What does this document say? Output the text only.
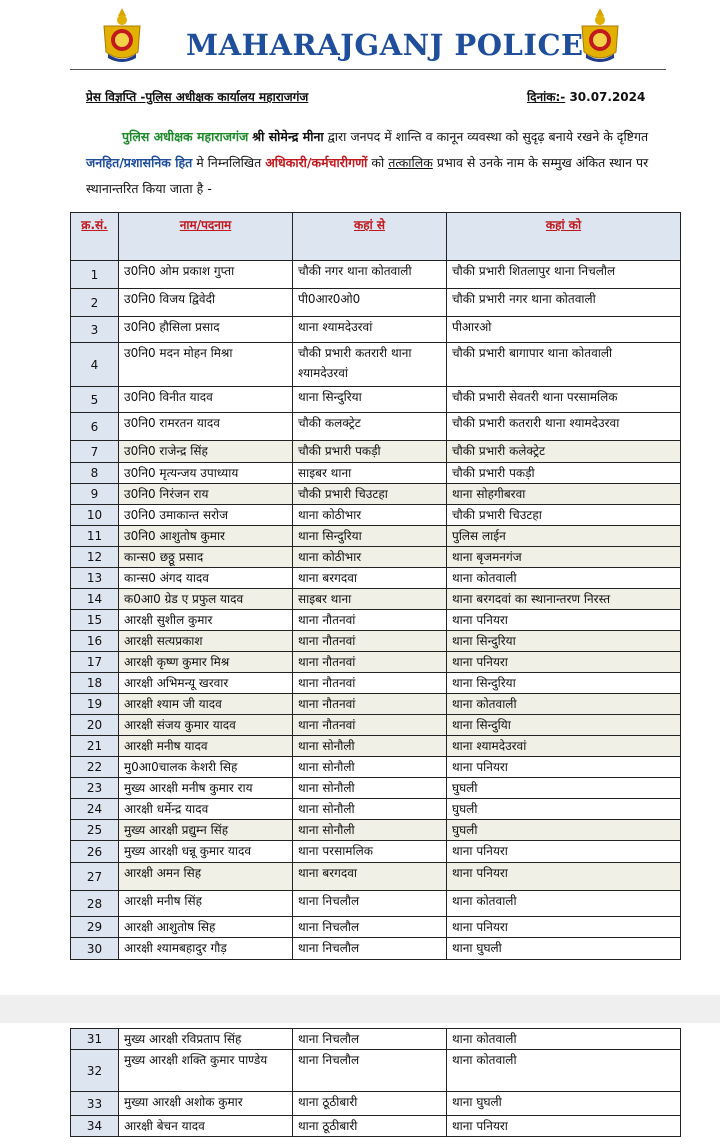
MAHARAJGANJ POLICE
प्रेस विज्ञप्ति -पुलिस अधीक्षक कार्यालय महाराजगंज	दिनांक:- 30.07.2024
पुलिस अधीक्षक महाराजगंज श्री सोमेन्द्र मीना द्वारा जनपद में शान्ति व कानून व्यवस्था को सुदृढ़ बनाये रखने के दृष्टिगत जनहित/प्रशासनिक हित मे निम्नलिखित अधिकारी/कर्मचारीगणों को तत्कालिक प्रभाव से उनके नाम के सम्मुख अंकित स्थान पर स्थानान्तरित किया जाता है -
क्र.सं.	नाम/पदनाम	कहां से	कहां को

1	उ0नि0 ओम प्रकाश गुप्ता	चौकी नगर थाना कोतवाली	चौकी प्रभारी शितलापुर थाना निचलौल

2	उ0नि0 विजय द्विवेदी	पी0आर0ओ0	चौकी प्रभारी नगर थाना कोतवाली

3	उ0नि0 हौसिला प्रसाद	थाना श्यामदेउरवां	पीआरओ

4	उ0नि0 मदन मोहन मिश्रा	चौकी प्रभारी कतरारी थाना श्यामदेउरवां	चौकी प्रभारी बागापार थाना कोतवाली

5	उ0नि0 विनीत यादव	थाना सिन्दुरिया	चौकी प्रभारी सेवतरी थाना परसामलिक

6	उ0नि0 रामरतन यादव	चौकी कलक्ट्रेट	चौकी प्रभारी कतरारी थाना श्यामदेउरवा

7	उ0नि0 राजेन्द्र सिंह	चौकी प्रभारी पकड़ी	चौकी प्रभारी कलेक्ट्रेट

8	उ0नि0 मृत्यन्जय उपाध्याय	साइबर थाना	चौकी प्रभारी पकड़ी

9	उ0नि0 निरंजन राय	चौकी प्रभारी चिउटहा	थाना सोहगीबरवा

10	उ0नि0 उमाकान्त सरोज	थाना कोठीभार	चौकी प्रभारी चिउटहा

11	उ0नि0 आशुतोष कुमार	थाना सिन्दुरिया	पुलिस लाईन

12	कान्स0 छठ्ठू प्रसाद	थाना कोठीभार	थाना बृजमनगंज

13	कान्स0 अंगद यादव	थाना बरगदवा	थाना कोतवाली

14	क0आ0 ग्रेड ए प्रफुल यादव	साइबर थाना	थाना बरगदवां का स्थानान्तरण निरस्त

15	आरक्षी सुशील कुमार	थाना नौतनवां	थाना पनियरा

16	आरक्षी सत्यप्रकाश	थाना नौतनवां	थाना सिन्दुरिया

17	आरक्षी कृष्ण कुमार मिश्र	थाना नौतनवां	थाना पनियरा

18	आरक्षी अभिमन्यू खरवार	थाना नौतनवां	थाना सिन्दुरिया

19	आरक्षी श्याम जी यादव	थाना नौतनवां	थाना कोतवाली

20	आरक्षी संजय कुमार यादव	थाना नौतनवां	थाना सिन्दुयिा

21	आरक्षी मनीष यादव	थाना सोनौली	थाना श्यामदेउरवां

22	मु0आ0चालक केशरी सिह	थाना सोनौली	थाना पनियरा

23	मुख्य आरक्षी मनीष कुमार राय	थाना सोनौली	घुघली

24	आरक्षी धर्मेन्द्र यादव	थाना सोनौली	घुघली

25	मुख्य आरक्षी प्रद्युम्न सिंह	थाना सोनौली	घुघली

26	मुख्य आरक्षी धन्नू कुमार यादव	थाना परसामलिक	थाना पनियरा

27	आरक्षी अमन सिह	थाना बरगदवा	थाना पनियरा

28	आरक्षी मनीष सिंह	थाना निचलौल	थाना कोतवाली

29	आरक्षी आशुतोष सिह	थाना निचलौल	थाना पनियरा

30	आरक्षी श्यामबहादुर गौड़	थाना निचलौल	थाना घुघली
31	मुख्य आरक्षी रविप्रताप सिंह	थाना निचलौल	थाना कोतवाली

32	मुख्य आरक्षी शक्ति कुमार पाण्डेय	थाना निचलौल	थाना कोतवाली

33	मुख्या आरक्षी अशोक कुमार	थाना ठूठीबारी	थाना घुघली

34	आरक्षी बेचन यादव	थाना ठूठीबारी	थाना पनियरा
